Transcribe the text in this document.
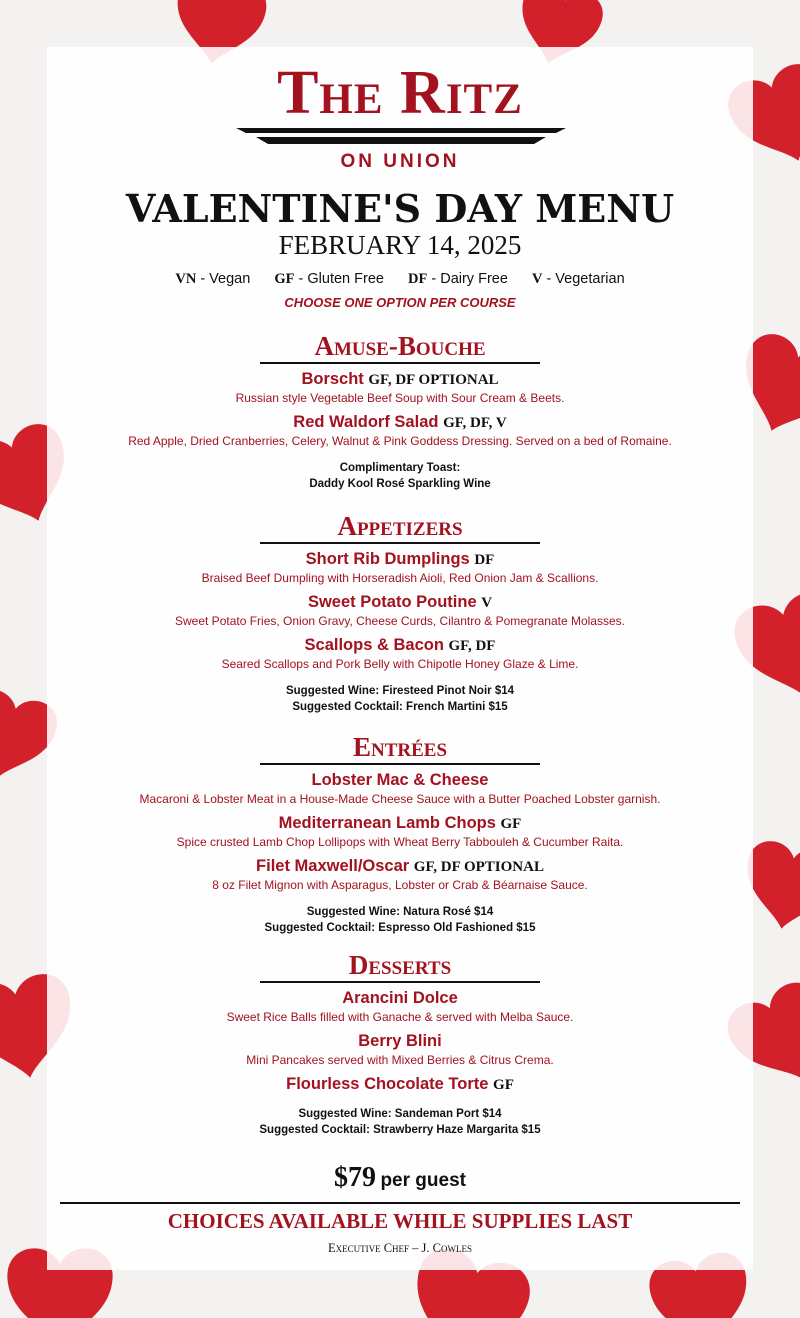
The Ritz
ON UNION
VALENTINE'S DAY MENU
FEBRUARY 14, 2025
VN - Vegan GF - Gluten Free DF - Dairy Free V - Vegetarian
CHOOSE ONE OPTION PER COURSE
Amuse-Bouche
Borscht GF, DF OPTIONAL
Russian style Vegetable Beef Soup with Sour Cream & Beets.
Red Waldorf Salad GF, DF, V
Red Apple, Dried Cranberries, Celery, Walnut & Pink Goddess Dressing. Served on a bed of Romaine.
Complimentary Toast:
Daddy Kool Rosé Sparkling Wine
Appetizers
Short Rib Dumplings DF
Braised Beef Dumpling with Horseradish Aioli, Red Onion Jam & Scallions.
Sweet Potato Poutine V
Sweet Potato Fries, Onion Gravy, Cheese Curds, Cilantro & Pomegranate Molasses.
Scallops & Bacon GF, DF
Seared Scallops and Pork Belly with Chipotle Honey Glaze & Lime.
Suggested Wine: Firesteed Pinot Noir $14
Suggested Cocktail: French Martini $15
Entrées
Lobster Mac & Cheese
Macaroni & Lobster Meat in a House-Made Cheese Sauce with a Butter Poached Lobster garnish.
Mediterranean Lamb Chops GF
Spice crusted Lamb Chop Lollipops with Wheat Berry Tabbouleh & Cucumber Raita.
Filet Maxwell/Oscar GF, DF OPTIONAL
8 oz Filet Mignon with Asparagus, Lobster or Crab & Béarnaise Sauce.
Suggested Wine: Natura Rosé $14
Suggested Cocktail: Espresso Old Fashioned $15
Desserts
Arancini Dolce
Sweet Rice Balls filled with Ganache & served with Melba Sauce.
Berry Blini
Mini Pancakes served with Mixed Berries & Citrus Crema.
Flourless Chocolate Torte GF
Suggested Wine: Sandeman Port $14
Suggested Cocktail: Strawberry Haze Margarita $15
$79 per guest
CHOICES AVAILABLE WHILE SUPPLIES LAST
Executive Chef – J. Cowles
